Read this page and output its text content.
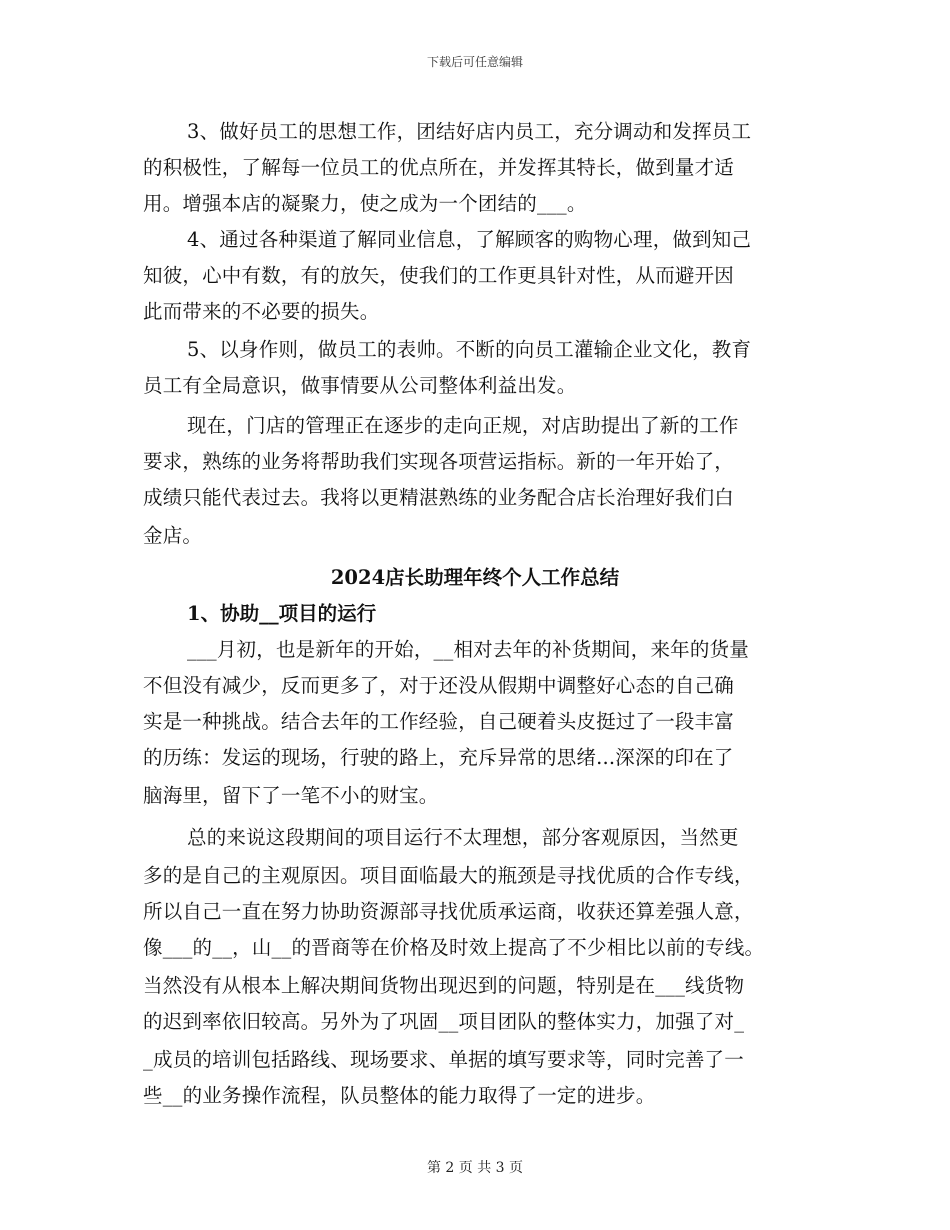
下载后可任意编辑
3、做好员工的思想工作，团结好店内员工，充分调动和发挥员工
的积极性，了解每一位员工的优点所在，并发挥其特长，做到量才适
用。增强本店的凝聚力，使之成为一个团结的___。
4、通过各种渠道了解同业信息，了解顾客的购物心理，做到知己
知彼，心中有数，有的放矢，使我们的工作更具针对性，从而避开因
此而带来的不必要的损失。
5、以身作则，做员工的表帅。不断的向员工灌输企业文化，教育
员工有全局意识，做事情要从公司整体利益出发。
现在，门店的管理正在逐步的走向正规，对店助提出了新的工作
要求，熟练的业务将帮助我们实现各项营运指标。新的一年开始了，
成绩只能代表过去。我将以更精湛熟练的业务配合店长治理好我们白
金店。
2024店长助理年终个人工作总结
1、协助__项目的运行
___月初，也是新年的开始，__相对去年的补货期间，来年的货量
不但没有减少，反而更多了，对于还没从假期中调整好心态的自己确
实是一种挑战。结合去年的工作经验，自己硬着头皮挺过了一段丰富
的历练：发运的现场，行驶的路上，充斥异常的思绪...深深的印在了
脑海里，留下了一笔不小的财宝。
总的来说这段期间的项目运行不太理想，部分客观原因，当然更
多的是自己的主观原因。项目面临最大的瓶颈是寻找优质的合作专线，
所以自己一直在努力协助资源部寻找优质承运商，收获还算差强人意，
像___的__，山__的晋商等在价格及时效上提高了不少相比以前的专线。
当然没有从根本上解决期间货物出现迟到的问题，特别是在___线货物
的迟到率依旧较高。另外为了巩固__项目团队的整体实力，加强了对_
_成员的培训包括路线、现场要求、单据的填写要求等，同时完善了一
些__的业务操作流程，队员整体的能力取得了一定的进步。
第 2 页 共 3 页
